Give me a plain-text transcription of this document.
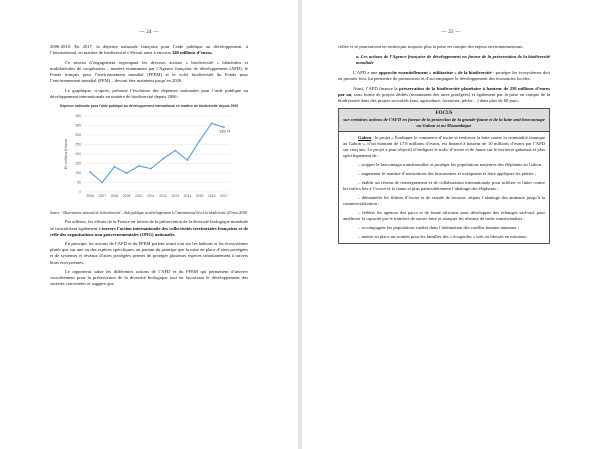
— 24 —

2006-2010. En 2017, la dépense nationale française pour l’aide publique au développement, à l’international, en matière de biodiversité s’élevait ainsi à environ 340 millions d’euros.

Ce niveau d’engagement regroupant les diverses actions « biodiversité » bilatérales et multilatérales de coopération – menées notamment par l’Agence française de développement (AFD), le Fonds français pour l’environnement mondial (FFEM) et le volet biodiversité du Fonds pour l’environnement mondial (FEM) – devrait être maintenu jusqu’en 2020.

Le graphique, ci-après, présente l’évolution des dépenses nationales pour l’aide publique au développement internationale en matière de biodiversité depuis 2006 :

Dépense nationale pour l’aide publique au développement international en matière de biodiversité depuis 2006
0
50
100
150
200
250
300
350
400
2006 2007 2008 2009 2010 2011 2012 2013 2014 2015 2016 2017
En millions d’euros
339,74

Source : Observatoire national de la biodiversité – Aide publique au développement à l’international liée à la biodiversité (25 mai 2018)

Par ailleurs, les efforts de la France en faveur de la préservation de la diversité biologique mondiale se concrétisent également à travers l’action internationale des collectivités territoriales françaises et de celle des organisations non gouvernementales (ONG) nationales.

En principe, les actions de l’AFD et du FFEM portent avant tout sur les habitats et les écosystèmes plutôt que sur une ou des espèces spécifiques, en partant du principe que la mise en place d’aires protégées et de systèmes et réseaux d’aires protégées permet de protéger plusieurs espèces simultanément à travers leurs écosystèmes.

Le rapporteur salue les différentes actions de l’AFD et du FFEM qui permettent d’œuvrer concrètement pour la préservation de la diversité biologique tout en favorisant le développement des sociétés concernées et suggère que

— 25 —

celles-ci se poursuivent en renforçant toujours plus la prise en compte des enjeux environnementaux.

a. Les actions de l’Agence française de développement en faveur de la préservation de la biodiversité mondiale

L’AFD a une approche essentiellement « utilitariste » de la biodiversité : protéger les écosystèmes doit en premier lieu, lui permettre de promouvoir et d’accompagner le développement des économies locales.

Ainsi, l’AFD finance la préservation de la biodiversité planétaire à hauteur de 250 millions d’euros par an, sous forme de projets dédiés (notamment des aires protégées) et également par la prise en compte de la biodiversité dans des projets sectoriels (eau, agriculture, foresterie, pêche…) dans plus de 60 pays.

FOCUS
sur certaines actions de l’AFD en faveur de la protection de la grande-faune et de la lutte anti-braconnage au Gabon et au Mozambique

Gabon : le projet « Éradiquer le commerce d’ivoire et renforcer la lutte contre la criminalité faunique au Gabon », d’un montant de 17,8 millions d’euros, est financé à hauteur de 10 millions d’euros par l’AFD sur cinq ans. Le projet a pour objectif d’endiguer le trafic d’ivoire et de faune sur le territoire gabonais et plus spécifiquement de :

– stopper le braconnage transfrontalier et protéger les populations majeures des éléphants au Gabon ;

– augmenter le nombre d’arrestations des braconniers et trafiquants et faire appliquer les peines ;

– établir un réseau de renseignement et de collaboration internationale pour infiltrer et lutter contre les trafics liés à l’ivoire et la faune et plus particulièrement l’abattage des éléphants ;

– démanteler les filières d’ivoire et de viande de brousse, depuis l’abattage des animaux jusqu’à la commercialisation ;

– fédérer les agences des parcs et de faune africaine pour développer des échanges sud-sud, pour améliorer la capacité par le transfert de savoir-faire et attaquer les réseaux de trafic transfrontalier ;

– accompagner les populations rurales dans l’atténuation des conflits homme animaux ;

– mettre en place un soutien pour les familles des « écogardes » tués ou blessés en missions.
